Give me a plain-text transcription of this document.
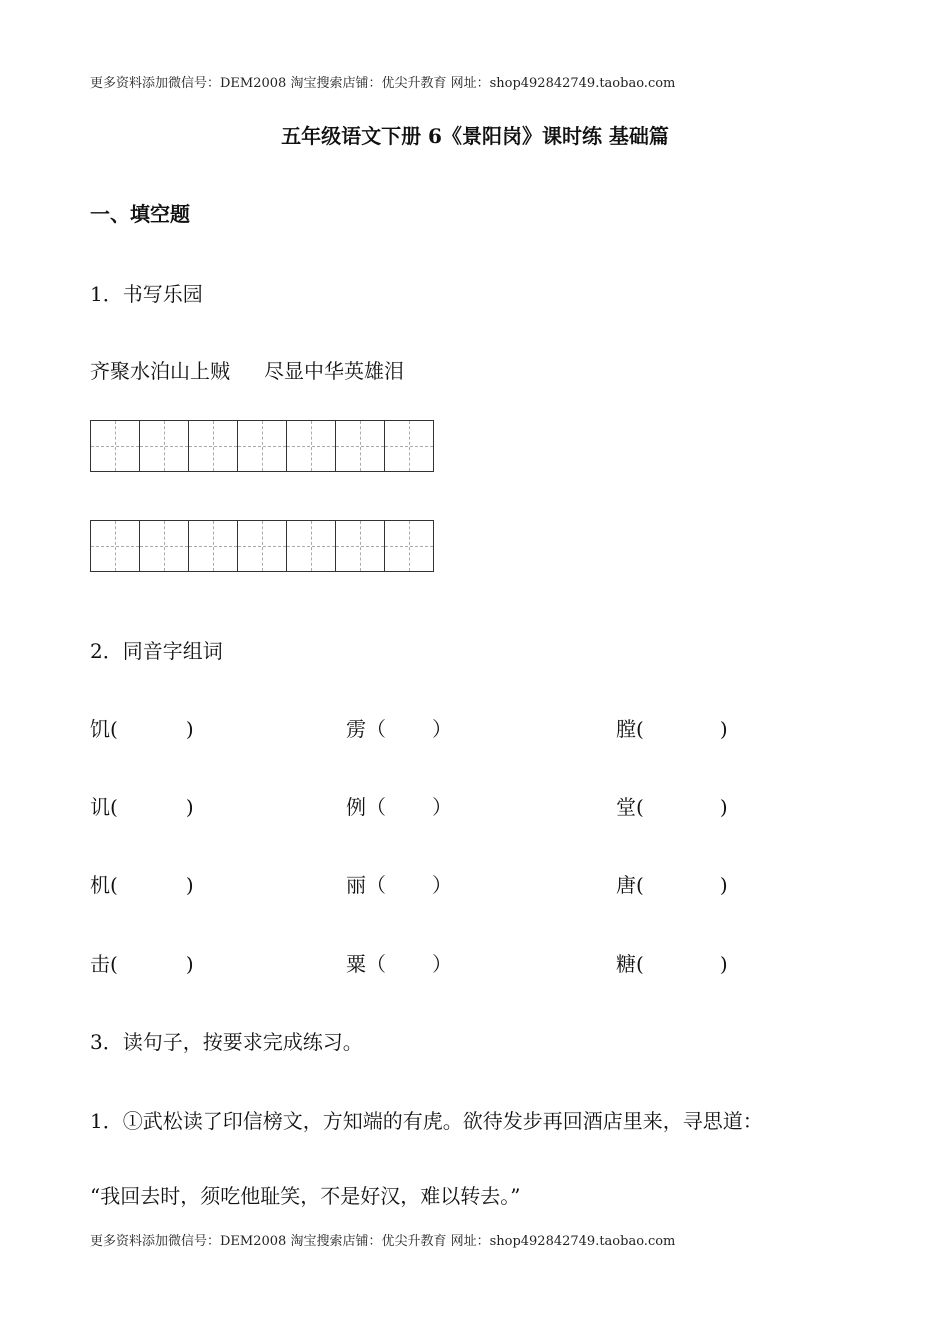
更多资料添加微信号：DEM2008 淘宝搜索店铺：优尖升教育 网址：shop492842749.taobao.com
五年级语文下册 6《景阳岗》课时练 基础篇
一、填空题
1．书写乐园
齐聚水泊山上贼 尽显中华英雄泪
2．同音字组词
饥(	)	雳（ ）	膛(	)
讥(	)	例（ ）	堂(	)
机(	)	丽（ ）	唐(	)
击(	)	粟（ ）	糖(	)
3．读句子，按要求完成练习。
1．①武松读了印信榜文，方知端的有虎。欲待发步再回酒店里来，寻思道：
“我回去时，须吃他耻笑，不是好汉，难以转去。”
更多资料添加微信号：DEM2008 淘宝搜索店铺：优尖升教育 网址：shop492842749.taobao.com
